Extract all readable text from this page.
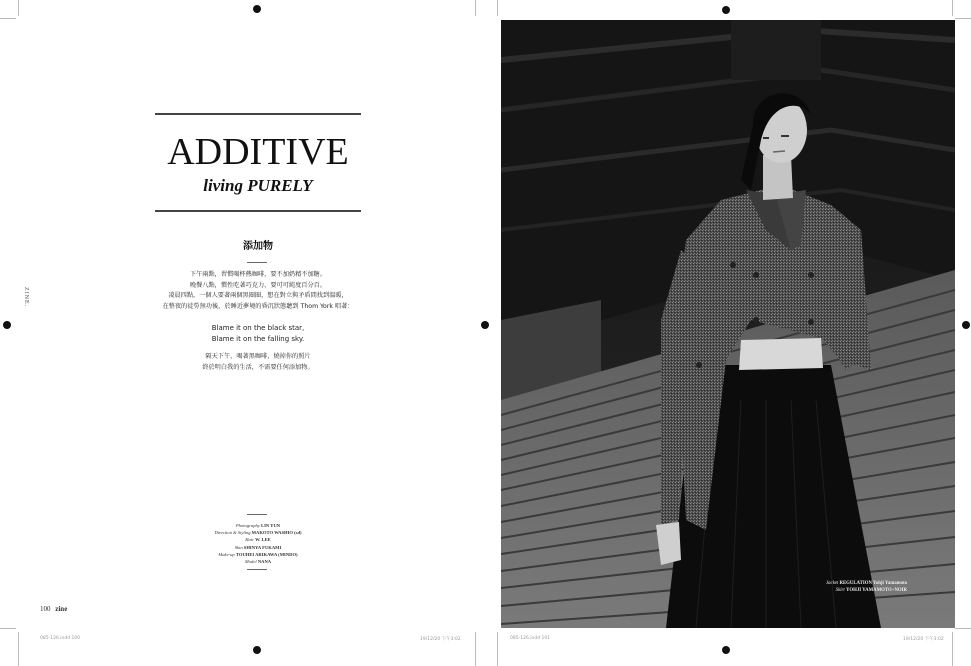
ADDITIVE
living PURELY
添加物
下午兩點，習慣喝杯熱咖啡，要不加奶精不加糖。
晚餐八點，慣性吃著巧克力，要可可純度百分百。
凌晨四點，一個人要著兩個黑圈圈，想在對立與矛盾間找到溫暖，
在整夜的徒勞無功後，於睡近夢境的昏沉狀態聽到 Thom York 唱著：
Blame it on the black star,
Blame it on the falling sky.
隔天下午，喝著黑咖啡，燒掉你的照片
終於明白我的生活，不需要任何添加物。
Photography LIN YUN
Direction & Styling MAKOTO WASHIO (sd)
Hair W. LEE
Skin SHINYA FUKAMI
Make-up TOUHEI ARIKAWA (MINDO)
Model NANA
ZINE.
100 zine
085-126.indd 100	19/12/20 下午3:02	085-126.indd 101	19/12/20 下午3:02
Jacket REGULATION Yohji Yamamoto
Skirt YOHJI YAMAMOTO+NOIR
